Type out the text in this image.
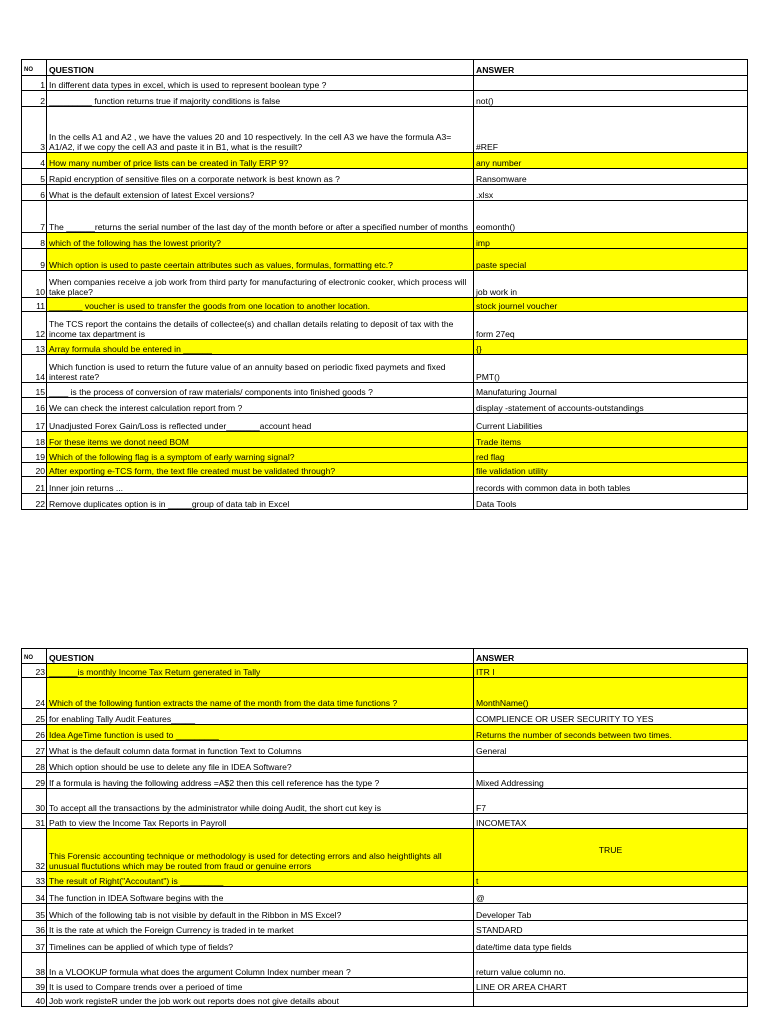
NO	QUESTION	ANSWER
1	In different data types in excel, which is used to represent boolean type ?	
2	_________ function returns true if majority conditions is false	not()
3	In the cells A1 and A2 , we have the values 20 and 10 respectively. In the cell A3 we have the formula A3= A1/A2, if we copy the cell A3 and paste it in B1, what is the resuilt?	#REF
4	How many number of price lists can be created in Tally ERP 9?	any number
5	Rapid encryption of sensitive files on a corporate network is best known as ?	Ransomware
6	What is the default extension of latest Excel versions?	.xlsx
7	The ______returns the serial number of the last day of the month before or after a specified number of months	eomonth()
8	which of the following has the lowest priority?	imp
9	Which option is used to paste ceertain attributes such as values, formulas, formatting etc.?	paste special
10	When companies receive a job work from third party for manufacturing of electronic cooker, which process will take place?	job work in
11	_______ voucher is used to transfer the goods from one location to another location.	stock journel voucher
12	The TCS report the contains the details of collectee(s) and challan details relating to deposit of tax with the income tax department is	form 27eq
13	Array formula should be entered in ______	{}
14	Which function is used to return the future value of an annuity based on periodic fixed paymets and fixed interest rate?	PMT()
15	____ is the process of conversion of raw materials/ components into finished goods ?	Manufaturing Journal
16	We can check the interest calculation report from ?	display -statement of accounts-outstandings
17	Unadjusted Forex Gain/Loss is reflected under_______account head	Current Liabilities
18	For these items we donot need BOM	Trade items
19	Which of the following flag is a symptom of early warning signal?	red flag
20	After exporting e-TCS form, the text file created must be validated through?	file validation utility
21	Inner join returns ...	records with common data in both tables
22	Remove duplicates option is in _____group of data tab in Excel	Data Tools
NO	QUESTION	ANSWER
23	______is monthly Income Tax Return generated in Tally	ITR I
24	Which of the following funtion extracts the name of the month from the data time functions ?	MonthName()
25	for enabling Tally Audit Features_____	COMPLIENCE OR USER SECURITY TO YES
26	Idea AgeTime function is used to _________	Returns the number of seconds between two times.
27	What is the default column data format in function Text to Columns	General
28	Which option should be use to delete any file in IDEA Software?	
29	If a formula is having the following address =A$2 then this cell reference has the type ?	Mixed Addressing
30	To accept all the transactions by the administrator while doing Audit, the short cut key is	F7
31	Path to view the Income Tax Reports in Payroll	INCOMETAX
32	This Forensic accounting technique or methodology is used for detecting errors and also heightlights all unusual fluctutions which may be routed from fraud or genuine errors	TRUE
33	The result of Right("Accoutant") is _________	t
34	The function in IDEA Software begins with the	@
35	Which of the following tab is not visible by default in the Ribbon in MS Excel?	Developer Tab
36	It is the rate at which the Foreign Currency is traded in te market	STANDARD
37	Timelines can be applied of which type of fields?	date/time data type fields
38	In a VLOOKUP formula what does the argument Column Index number mean ?	return value column no.
39	It is used to Compare trends over a perioed of time	LINE OR AREA CHART
40	Job work registeR under the job work out reports does not give details about	
